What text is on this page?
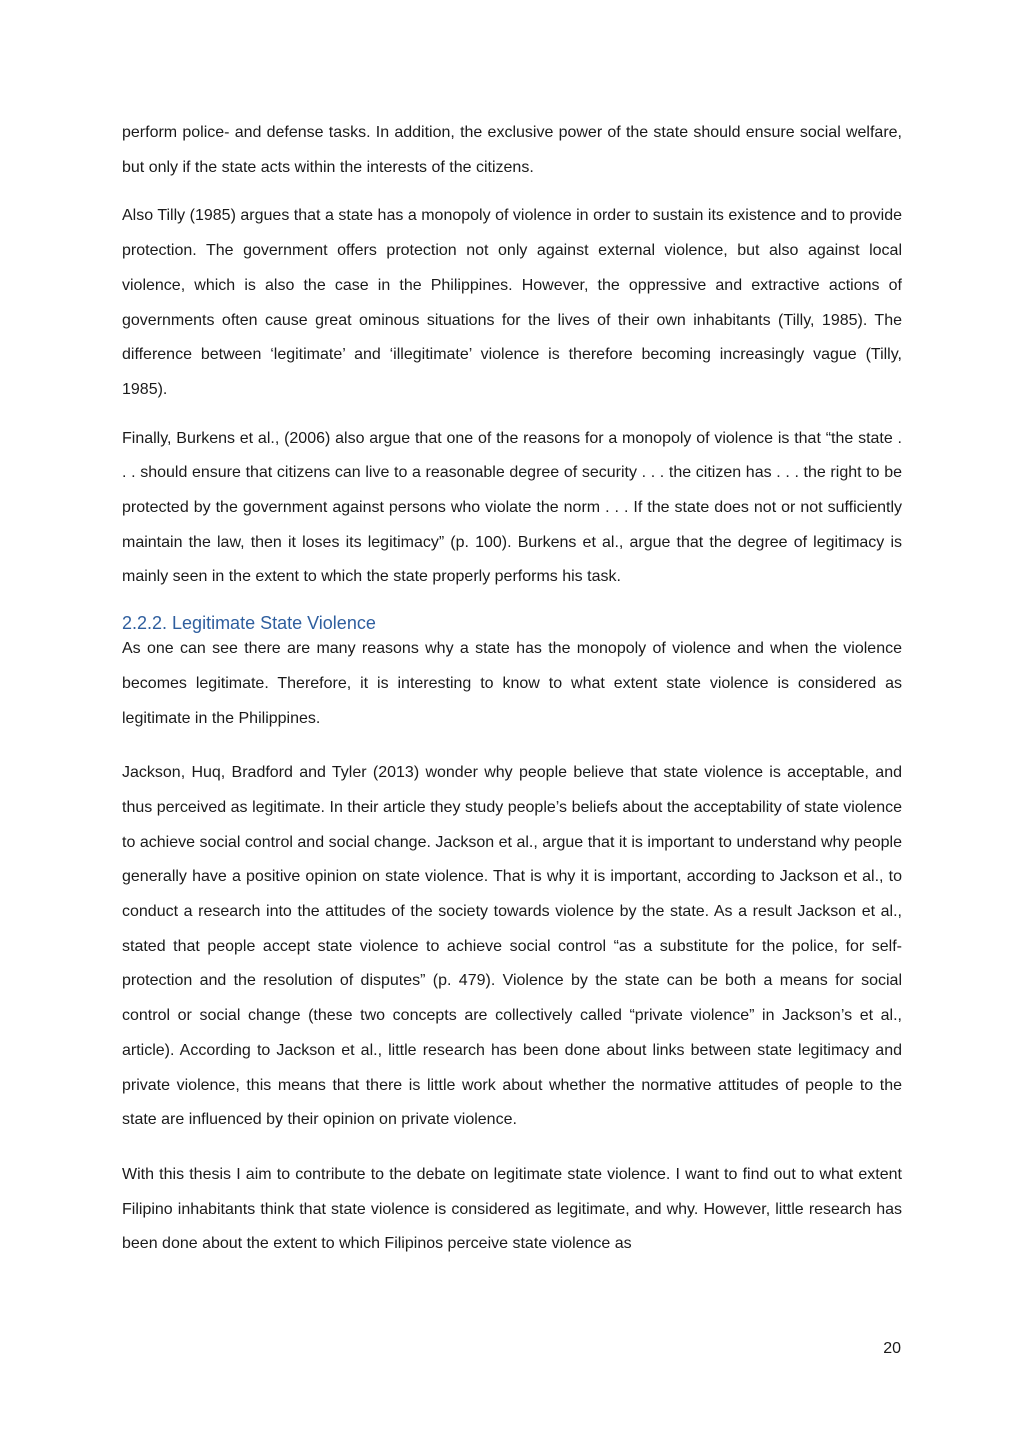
perform police- and defense tasks. In addition, the exclusive power of the state should ensure social welfare, but only if the state acts within the interests of the citizens.

Also Tilly (1985) argues that a state has a monopoly of violence in order to sustain its existence and to provide protection. The government offers protection not only against external violence, but also against local violence, which is also the case in the Philippines. However, the oppressive and extractive actions of governments often cause great ominous situations for the lives of their own inhabitants (Tilly, 1985). The difference between ‘legitimate’ and ‘illegitimate’ violence is therefore becoming increasingly vague (Tilly, 1985).

Finally, Burkens et al., (2006) also argue that one of the reasons for a monopoly of violence is that “the state . . . should ensure that citizens can live to a reasonable degree of security . . . the citizen has . . . the right to be protected by the government against persons who violate the norm . . . If the state does not or not sufficiently maintain the law, then it loses its legitimacy” (p. 100). Burkens et al., argue that the degree of legitimacy is mainly seen in the extent to which the state properly performs his task.

2.2.2. Legitimate State Violence

As one can see there are many reasons why a state has the monopoly of violence and when the violence becomes legitimate. Therefore, it is interesting to know to what extent state violence is considered as legitimate in the Philippines.

Jackson, Huq, Bradford and Tyler (2013) wonder why people believe that state violence is acceptable, and thus perceived as legitimate. In their article they study people’s beliefs about the acceptability of state violence to achieve social control and social change. Jackson et al., argue that it is important to understand why people generally have a positive opinion on state violence. That is why it is important, according to Jackson et al., to conduct a research into the attitudes of the society towards violence by the state. As a result Jackson et al., stated that people accept state violence to achieve social control “as a substitute for the police, for self-protection and the resolution of disputes” (p. 479). Violence by the state can be both a means for social control or social change (these two concepts are collectively called “private violence” in Jackson’s et al., article). According to Jackson et al., little research has been done about links between state legitimacy and private violence, this means that there is little work about whether the normative attitudes of people to the state are influenced by their opinion on private violence.

With this thesis I aim to contribute to the debate on legitimate state violence. I want to find out to what extent Filipino inhabitants think that state violence is considered as legitimate, and why. However, little research has been done about the extent to which Filipinos perceive state violence as

20
